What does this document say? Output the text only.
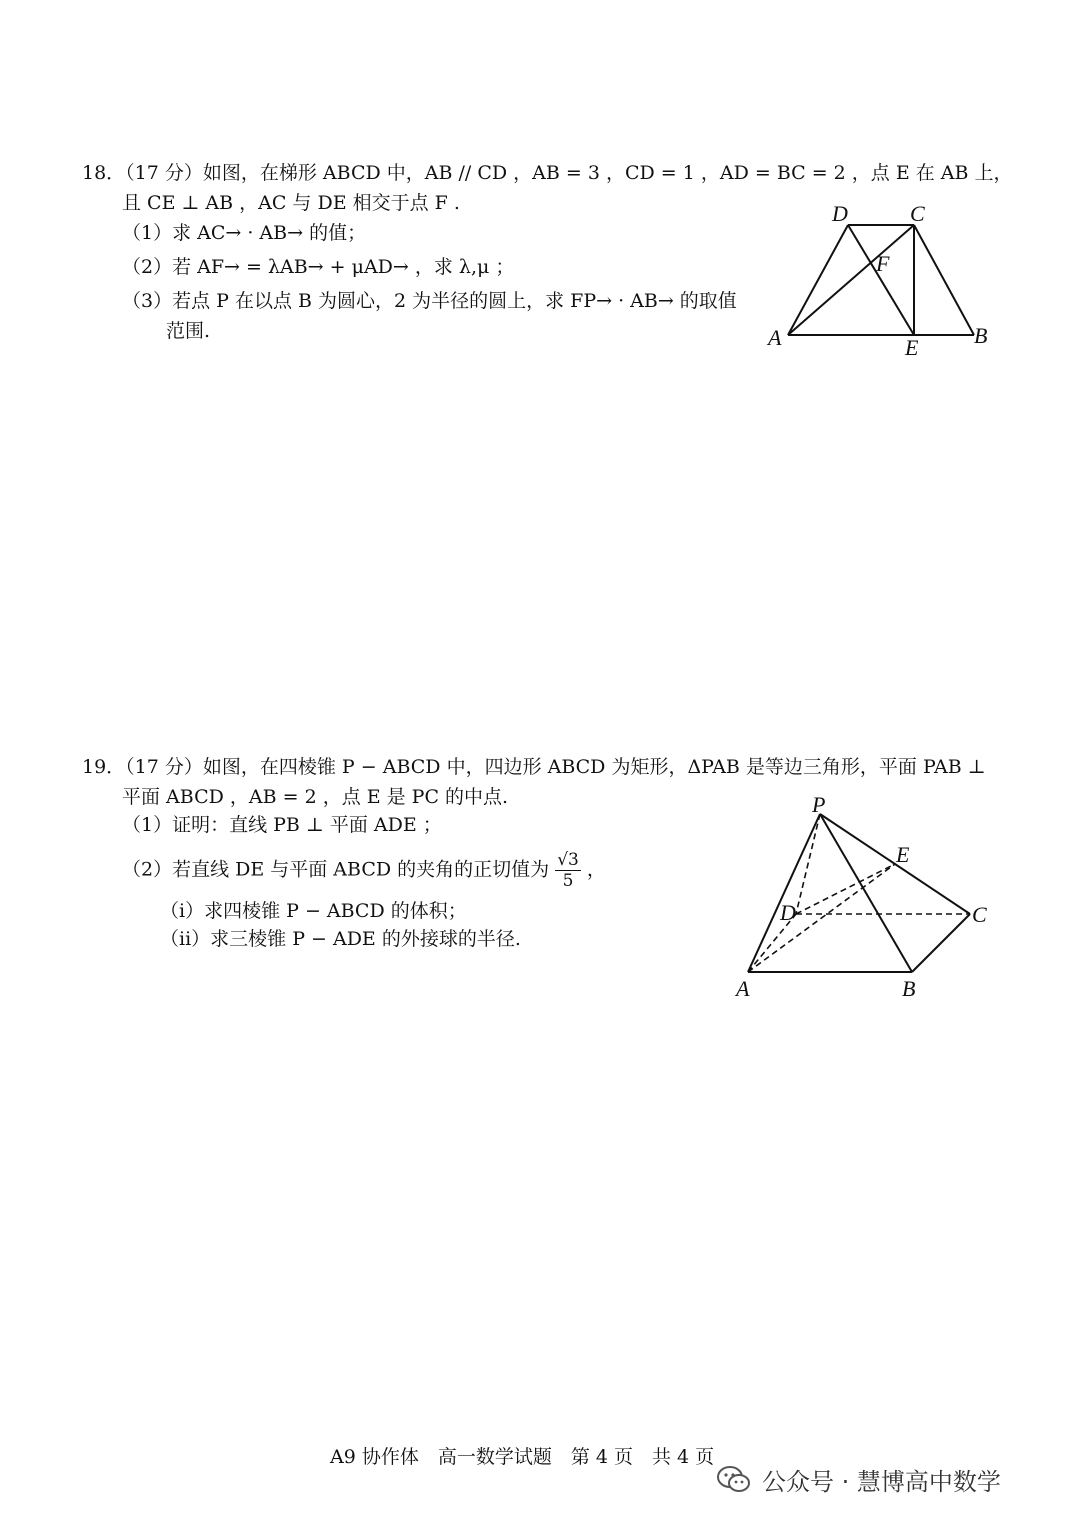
18．（17 分）如图，在梯形 ABCD 中，AB // CD ，AB = 3 ，CD = 1 ，AD = BC = 2 ，点 E 在 AB 上，
且 CE ⊥ AB ，AC 与 DE 相交于点 F .
（1）求 AC→ · AB→ 的值；
（2）若 AF→ = λAB→ + μAD→ ，求 λ,μ ；
（3）若点 P 在以点 B 为圆心，2 为半径的圆上，求 FP→ · AB→ 的取值
范围.
D	C
F
A	E	B
19．（17 分）如图，在四棱锥 P − ABCD 中，四边形 ABCD 为矩形，ΔPAB 是等边三角形，平面 PAB ⊥
平面 ABCD ，AB = 2 ，点 E 是 PC 的中点.
（1）证明：直线 PB ⊥ 平面 ADE ；
（2）若直线 DE 与平面 ABCD 的夹角的正切值为 $\frac{√3}{5}$ ，
（i）求四棱锥 P − ABCD 的体积；
（ii）求三棱锥 P − ADE 的外接球的半径.
P
E
D	C
A	B
A9 协作体　高一数学试题　第 4 页　共 4 页
公众号 · 慧博高中数学
